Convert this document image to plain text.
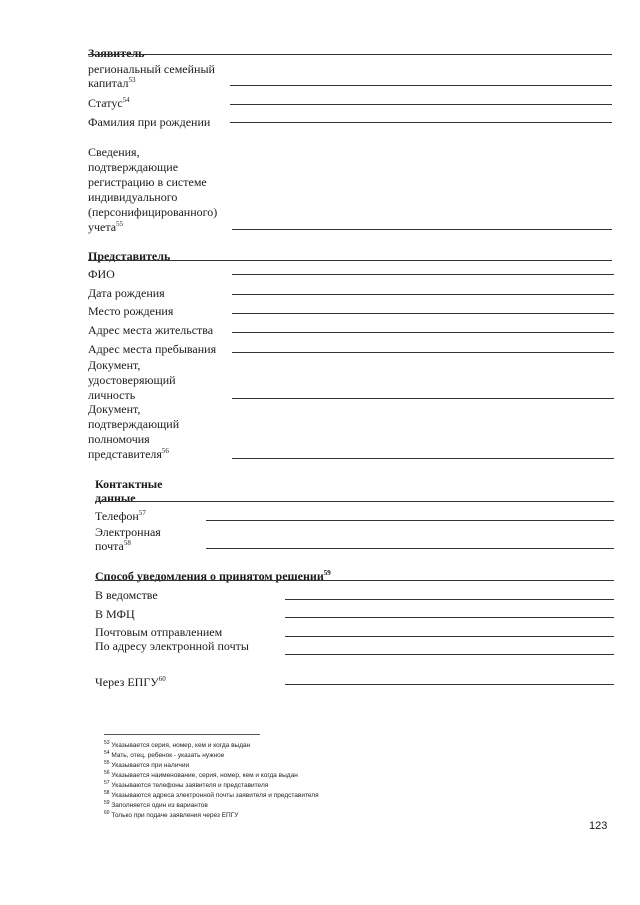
Заявитель
региональный семейный
капитал$^{53}$
Статус$^{54}$
Фамилия при рождении
Сведения,
подтверждающие
регистрацию в системе
индивидуального
(персонифицированного)
учета$^{55}$
Представитель
ФИО
Дата рождения
Место рождения
Адрес места жительства
Адрес места пребывания
Документ,
удостоверяющий
личность
Документ,
подтверждающий
полномочия
представителя$^{56}$
Контактные
данные
Телефон$^{57}$
Электронная
почта$^{58}$
Способ уведомления о принятом решении$^{59}$
В ведомстве
В МФЦ
Почтовым отправлением
По адресу электронной почты
Через ЕПГУ$^{60}$
$^{53}$ Указывается серия, номер, кем и когда выдан
$^{54}$ Мать, отец, ребенок - указать нужное
$^{55}$ Указывается при наличии
$^{56}$ Указывается наименование, серия, номер, кем и когда выдан
$^{57}$ Указываются телефоны заявителя и представителя
$^{58}$ Указываются адреса электронной почты заявителя и представителя
$^{59}$ Заполняется один из вариантов
$^{60}$ Только при подаче заявления через ЕПГУ
123
